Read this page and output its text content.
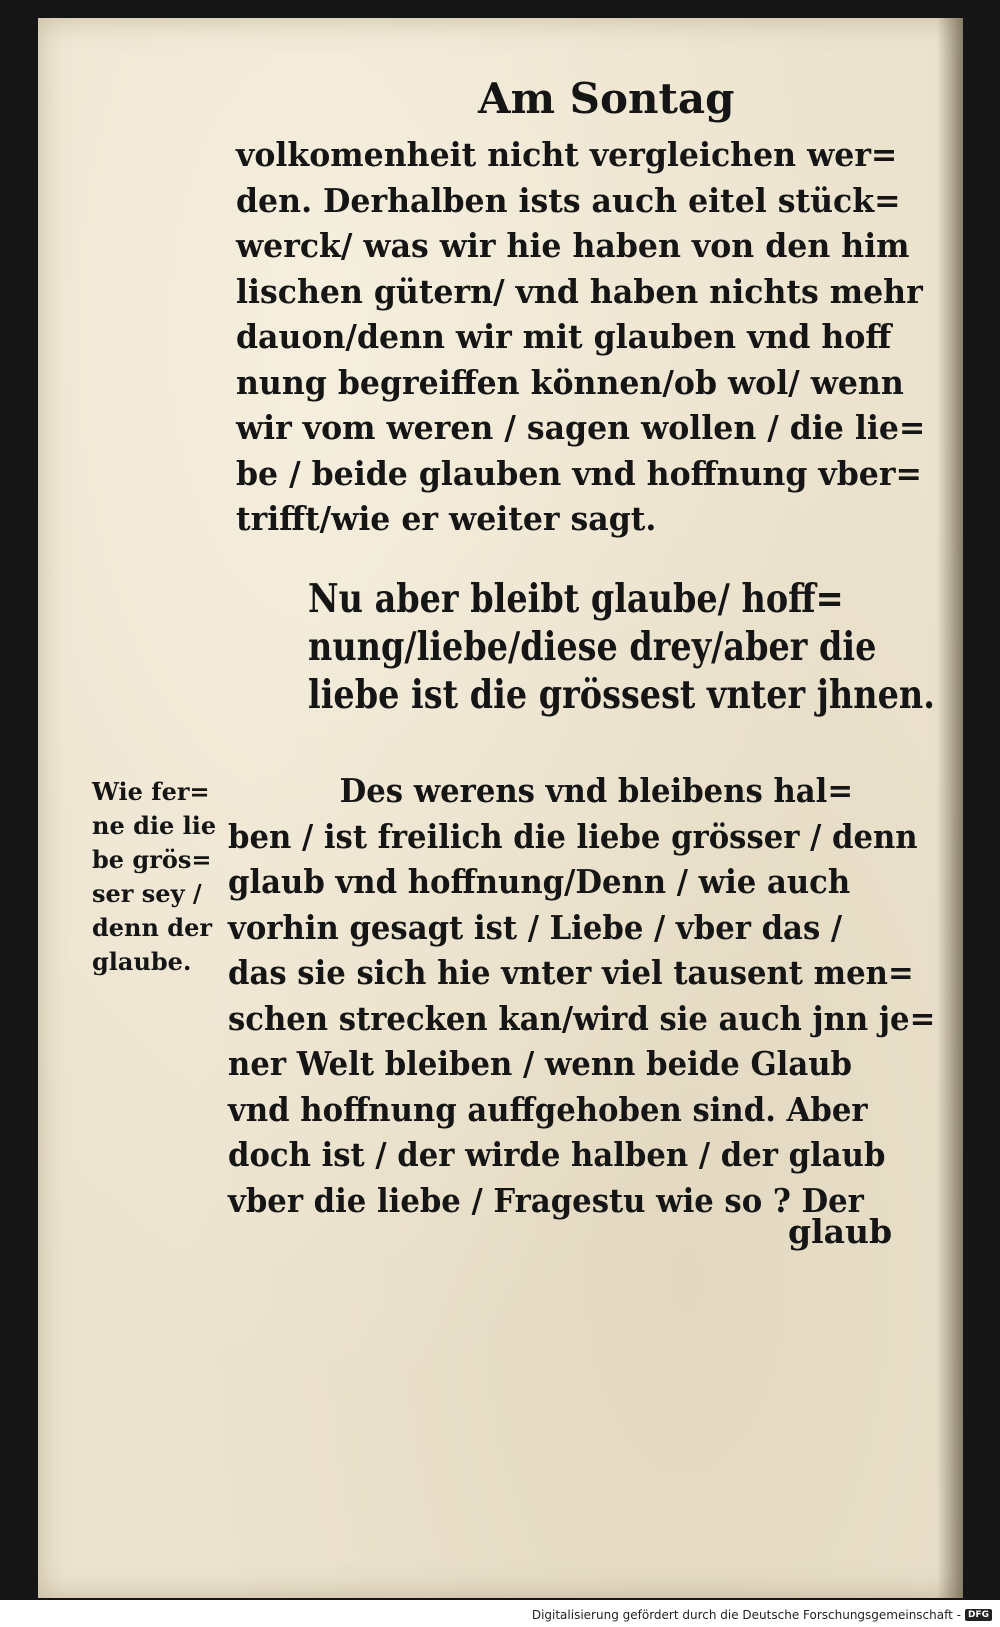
Am Sontag
volkomenheit nicht vergleichen wer=
den. Derhalben ists auch eitel stück=
werck/ was wir hie haben von den him
lischen gütern/ vnd haben nichts mehr
dauon/denn wir mit glauben vnd hoff
nung begreiffen können/ob wol/ wenn
wir vom weren / sagen wollen / die lie=
be / beide glauben vnd hoffnung vber=
trifft/wie er weiter sagt.
Nu aber bleibt glaube/ hoff=
nung/liebe/diese drey/aber die
liebe ist die grössest vnter jhnen.
Wie fer=
ne die lie
be grös=
ser sey /
denn der
glaube.
Des werens vnd bleibens hal=
ben / ist freilich die liebe grösser / denn
glaub vnd hoffnung/Denn / wie auch
vorhin gesagt ist / Liebe / vber das /
das sie sich hie vnter viel tausent men=
schen strecken kan/wird sie auch jnn je=
ner Welt bleiben / wenn beide Glaub
vnd hoffnung auffgehoben sind. Aber
doch ist / der wirde halben / der glaub
vber die liebe / Fragestu wie so ? Der
glaub
Digitalisierung gefördert durch die Deutsche Forschungsgemeinschaft - DFG
